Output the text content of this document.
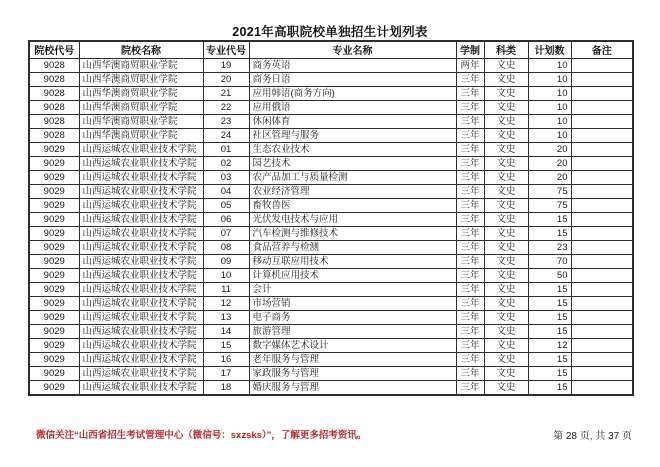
2021年高职院校单独招生计划列表
院校代号	院校名称	专业代号	专业名称	学制	科类	计划数	备注
9028	山西华澳商贸职业学院	19	商务英语	两年	文史	10	
9028	山西华澳商贸职业学院	20	商务日语	三年	文史	10	
9028	山西华澳商贸职业学院	21	应用韩语(商务方向)	三年	文史	10	
9028	山西华澳商贸职业学院	22	应用俄语	三年	文史	10	
9028	山西华澳商贸职业学院	23	休闲体育	三年	文史	10	
9028	山西华澳商贸职业学院	24	社区管理与服务	三年	文史	10	
9029	山西运城农业职业技术学院	01	生态农业技术	三年	文史	20	
9029	山西运城农业职业技术学院	02	园艺技术	三年	文史	20	
9029	山西运城农业职业技术学院	03	农产品加工与质量检测	三年	文史	20	
9029	山西运城农业职业技术学院	04	农业经济管理	三年	文史	75	
9029	山西运城农业职业技术学院	05	畜牧兽医	三年	文史	75	
9029	山西运城农业职业技术学院	06	光伏发电技术与应用	三年	文史	15	
9029	山西运城农业职业技术学院	07	汽车检测与维修技术	三年	文史	15	
9029	山西运城农业职业技术学院	08	食品营养与检测	三年	文史	23	
9029	山西运城农业职业技术学院	09	移动互联应用技术	三年	文史	70	
9029	山西运城农业职业技术学院	10	计算机应用技术	三年	文史	50	
9029	山西运城农业职业技术学院	11	会计	三年	文史	15	
9029	山西运城农业职业技术学院	12	市场营销	三年	文史	15	
9029	山西运城农业职业技术学院	13	电子商务	三年	文史	15	
9029	山西运城农业职业技术学院	14	旅游管理	三年	文史	15	
9029	山西运城农业职业技术学院	15	数字媒体艺术设计	三年	文史	12	
9029	山西运城农业职业技术学院	16	老年服务与管理	三年	文史	15	
9029	山西运城农业职业技术学院	17	家政服务与管理	三年	文史	15	
9029	山西运城农业职业技术学院	18	婚庆服务与管理	三年	文史	15	
微信关注“山西省招生考试管理中心（微信号：sxzsks）”，了解更多招考资讯。	第 28 页, 共 37 页
